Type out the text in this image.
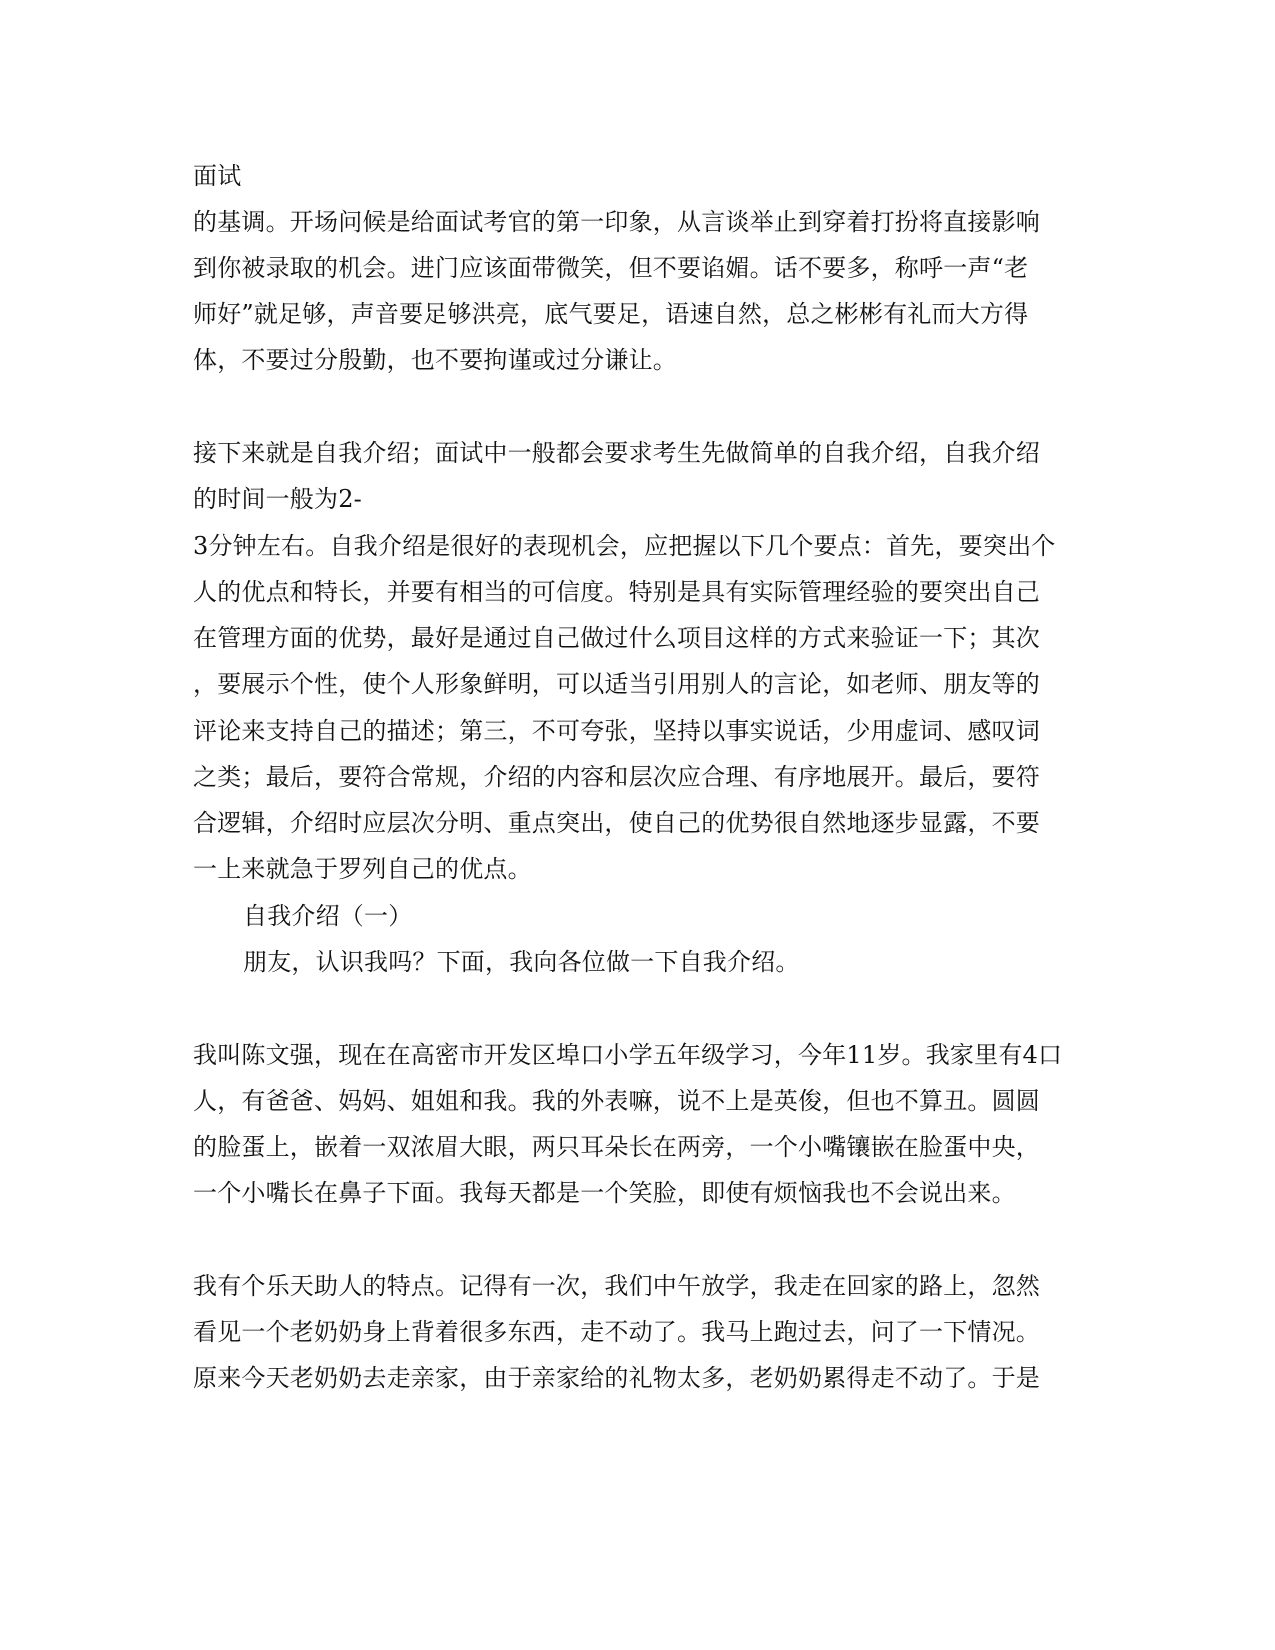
面试
的基调。开场问候是给面试考官的第一印象，从言谈举止到穿着打扮将直接影响
到你被录取的机会。进门应该面带微笑，但不要谄媚。话不要多，称呼一声“老
师好”就足够，声音要足够洪亮，底气要足，语速自然，总之彬彬有礼而大方得
体，不要过分殷勤，也不要拘谨或过分谦让。
接下来就是自我介绍；面试中一般都会要求考生先做简单的自我介绍，自我介绍
的时间一般为2-
3分钟左右。自我介绍是很好的表现机会，应把握以下几个要点：首先，要突出个
人的优点和特长，并要有相当的可信度。特别是具有实际管理经验的要突出自己
在管理方面的优势，最好是通过自己做过什么项目这样的方式来验证一下；其次
，要展示个性，使个人形象鲜明，可以适当引用别人的言论，如老师、朋友等的
评论来支持自己的描述；第三，不可夸张，坚持以事实说话，少用虚词、感叹词
之类；最后，要符合常规，介绍的内容和层次应合理、有序地展开。最后，要符
合逻辑，介绍时应层次分明、重点突出，使自己的优势很自然地逐步显露，不要
一上来就急于罗列自己的优点。
自我介绍（一）
朋友，认识我吗？下面，我向各位做一下自我介绍。
我叫陈文强，现在在高密市开发区埠口小学五年级学习，今年11岁。我家里有4口
人，有爸爸、妈妈、姐姐和我。我的外表嘛，说不上是英俊，但也不算丑。圆圆
的脸蛋上，嵌着一双浓眉大眼，两只耳朵长在两旁，一个小嘴镶嵌在脸蛋中央，
一个小嘴长在鼻子下面。我每天都是一个笑脸，即使有烦恼我也不会说出来。
我有个乐天助人的特点。记得有一次，我们中午放学，我走在回家的路上，忽然
看见一个老奶奶身上背着很多东西，走不动了。我马上跑过去，问了一下情况。
原来今天老奶奶去走亲家，由于亲家给的礼物太多，老奶奶累得走不动了。于是
